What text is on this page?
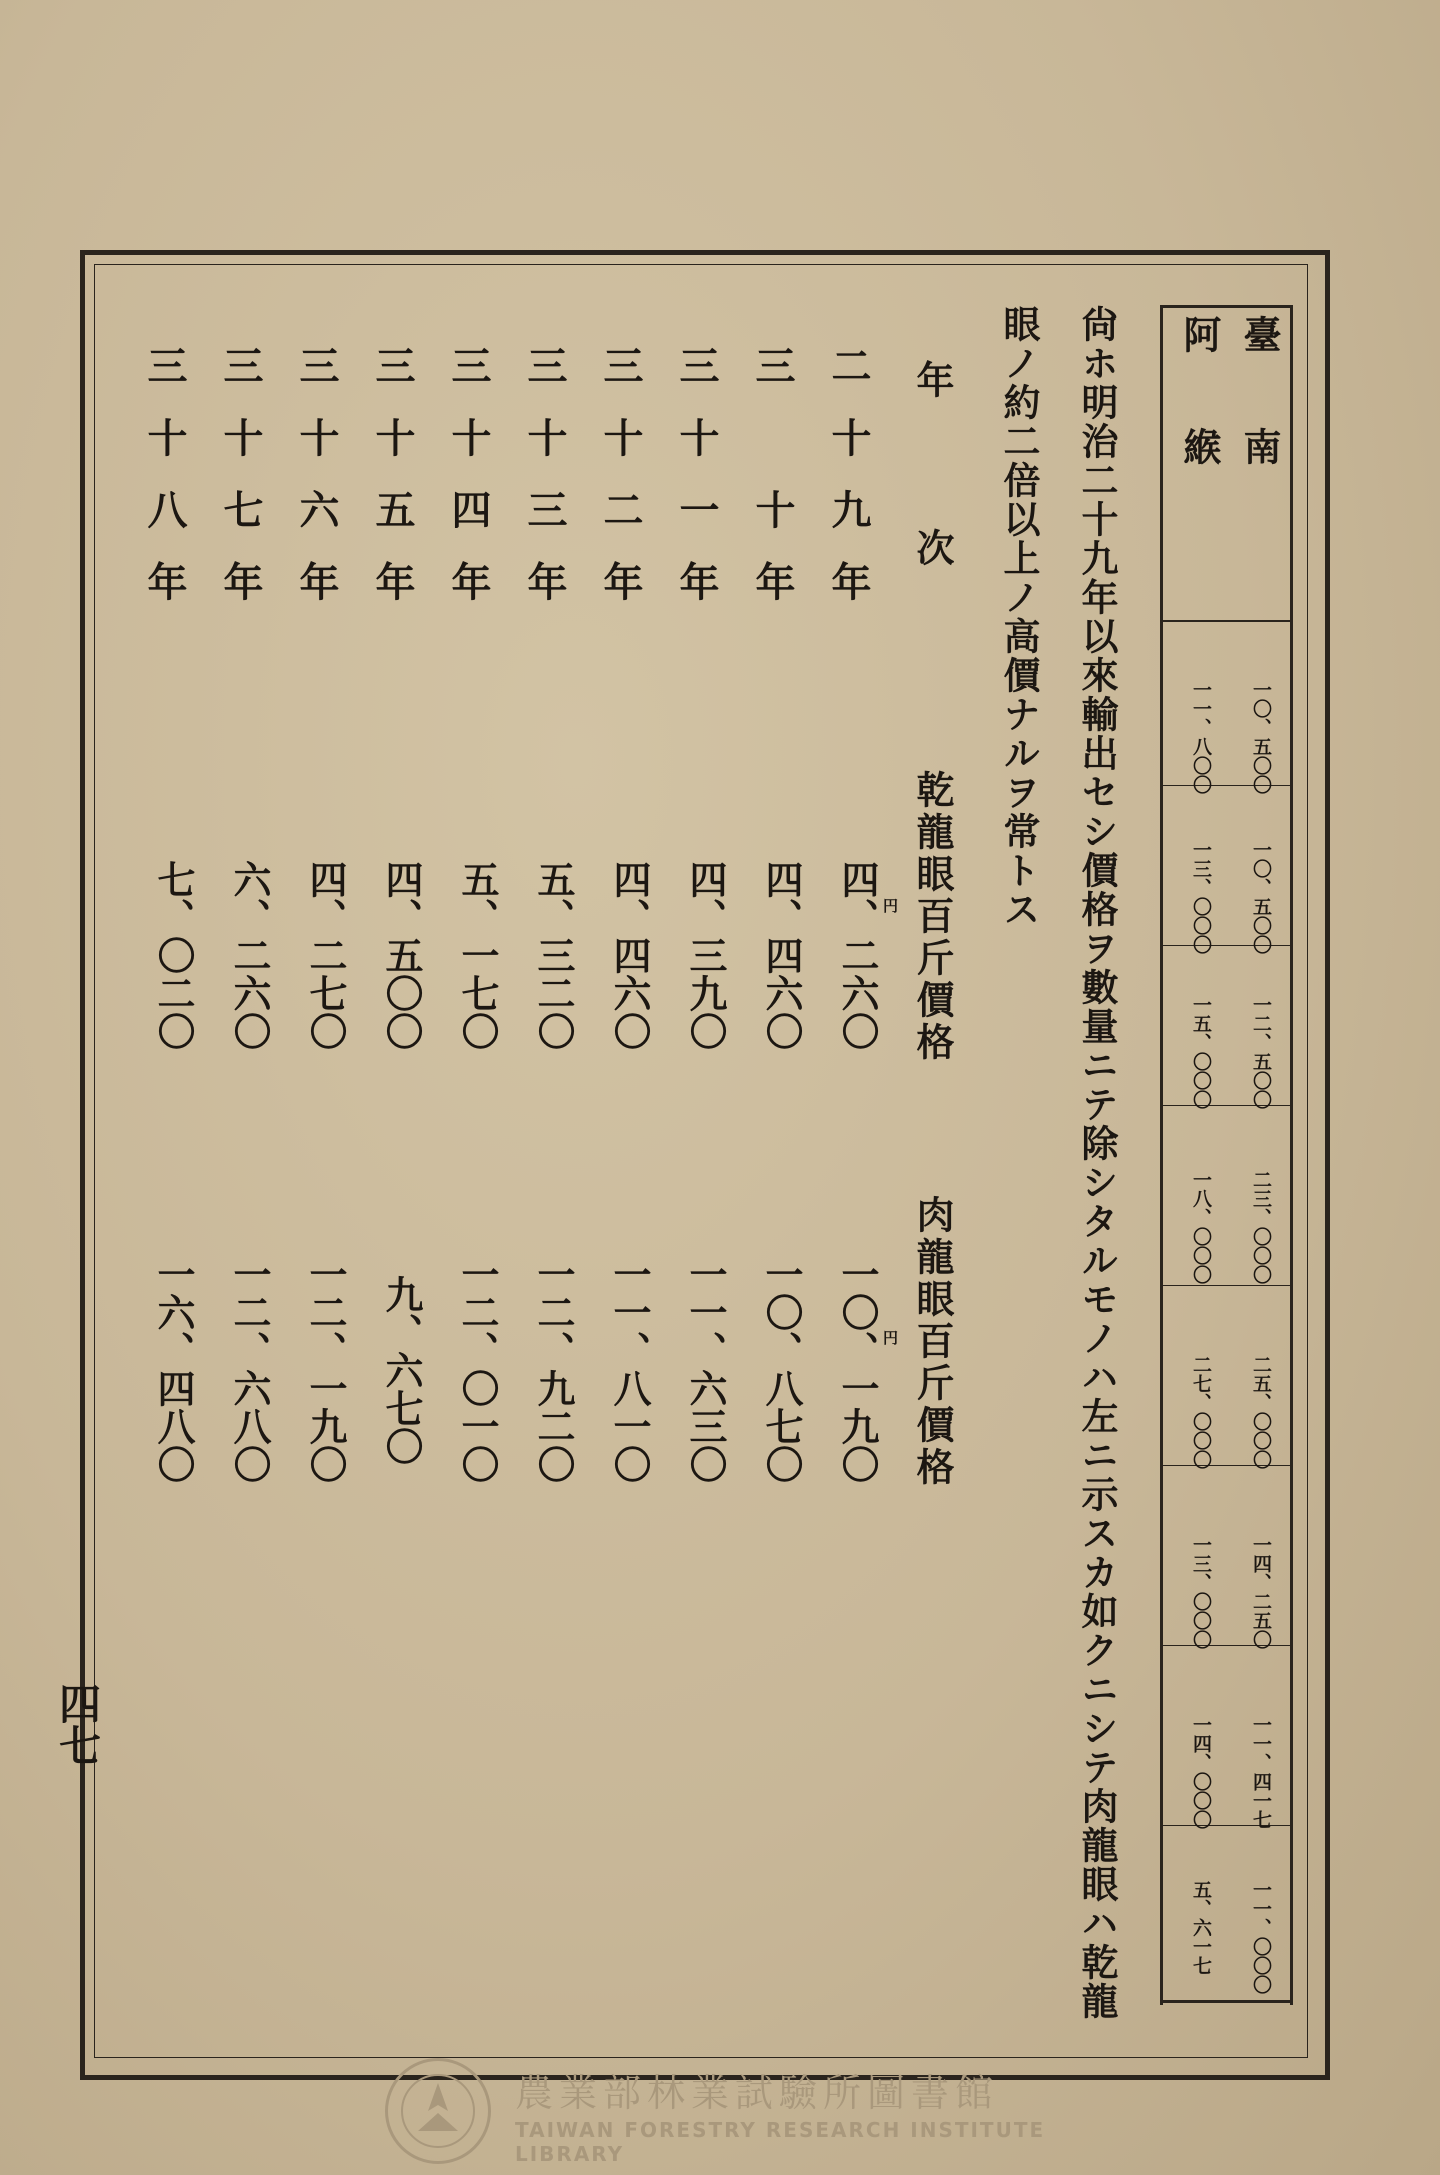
臺南
阿緱
一〇、五〇〇
一〇、五〇〇
一二、五〇〇
二三、〇〇〇
二五、〇〇〇
一四、二五〇
一一、四一七
一一、〇〇〇
一一、八〇〇
一三、〇〇〇
一五、〇〇〇
一八、〇〇〇
二七、〇〇〇
一三、〇〇〇
一四、〇〇〇
五、六一七
尙ホ明治二十九年以來輸出セシ價格ヲ數量ニテ除シタルモノハ左ニ示スカ如クニシテ肉龍眼ハ乾龍
眼ノ約二倍以上ノ高價ナルヲ常トス
年　　　次
乾龍眼百斤價格
肉龍眼百斤價格
二十九年
四、二六〇
一〇、一九〇
円
円
三　十年
四、四六〇
一〇、八七〇
三十一年
四、三九〇
一一、六三〇
三十二年
四、四六〇
一一、八一〇
三十三年
五、三二〇
一二、九二〇
三十四年
五、一七〇
一二、〇一〇
三十五年
四、五〇〇
九、六七〇
三十六年
四、二七〇
一二、一九〇
三十七年
六、二六〇
一二、六八〇
三十八年
七、〇二〇
一六、四八〇
四七
農業部林業試驗所圖書館
TAIWAN FORESTRY RESEARCH INSTITUTE LIBRARY
